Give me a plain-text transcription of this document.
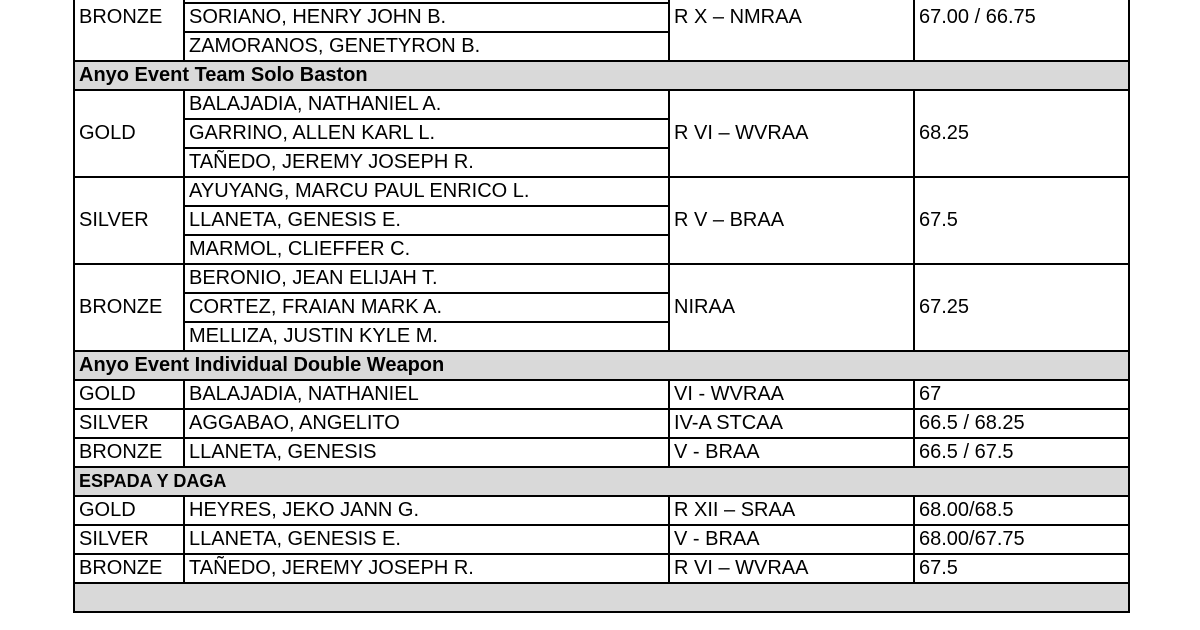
BRONZE		R X – NMRAA	67.00 / 66.75
	SORIANO, HENRY JOHN B.		
	ZAMORANOS, GENETYRON B.		
Anyo Event Team Solo Baston			
GOLD	BALAJADIA, NATHANIEL A.	R VI – WVRAA	68.25
	GARRINO, ALLEN KARL L.		
	TAÑEDO, JEREMY JOSEPH R.		
SILVER	AYUYANG, MARCU PAUL ENRICO L.	R V – BRAA	67.5
	LLANETA, GENESIS E.		
	MARMOL, CLIEFFER C.		
BRONZE	BERONIO, JEAN ELIJAH T.	NIRAA	67.25
	CORTEZ, FRAIAN MARK A.		
	MELLIZA, JUSTIN KYLE M.		
Anyo Event Individual Double Weapon			
GOLD	BALAJADIA, NATHANIEL	VI - WVRAA	67
SILVER	AGGABAO, ANGELITO	IV-A STCAA	66.5 / 68.25
BRONZE	LLANETA, GENESIS	V - BRAA	66.5 / 67.5
ESPADA Y DAGA			
GOLD	HEYRES, JEKO JANN G.	R XII – SRAA	68.00/68.5
SILVER	LLANETA, GENESIS E.	V - BRAA	68.00/67.75
BRONZE	TAÑEDO, JEREMY JOSEPH R.	R VI – WVRAA	67.5
